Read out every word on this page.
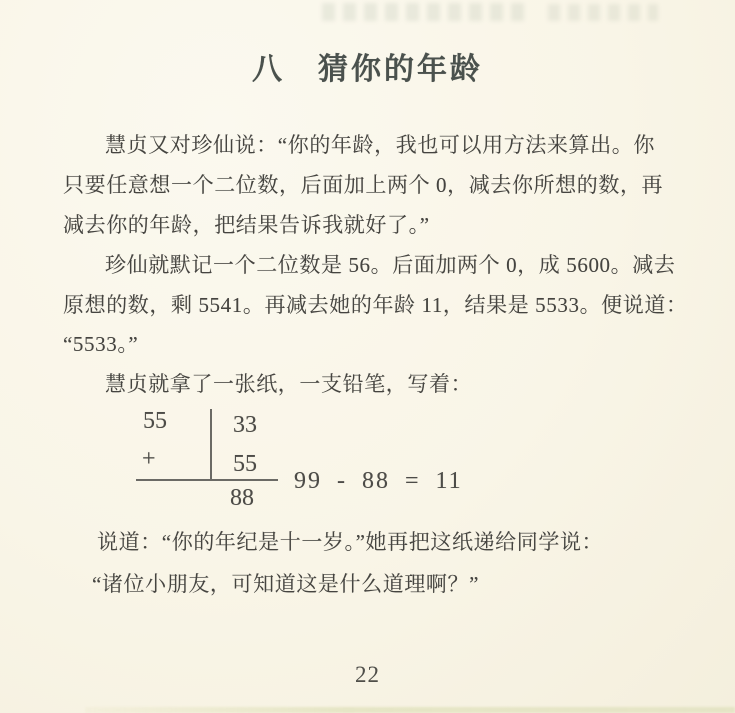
八　猜你的年龄
慧贞又对珍仙说：“你的年龄，我也可以用方法来算出。你
只要任意想一个二位数，后面加上两个 0，减去你所想的数，再
减去你的年龄，把结果告诉我就好了。”
珍仙就默记一个二位数是 56。后面加两个 0，成 5600。减去
原想的数，剩 5541。再减去她的年龄 11，结果是 5533。便说道：
“5533。”
慧贞就拿了一张纸，一支铅笔，写着：
55
+
33
55
88
99 - 88 = 11
说道：“你的年纪是十一岁。”她再把这纸递给同学说：
“诸位小朋友，可知道这是什么道理啊？”
22
